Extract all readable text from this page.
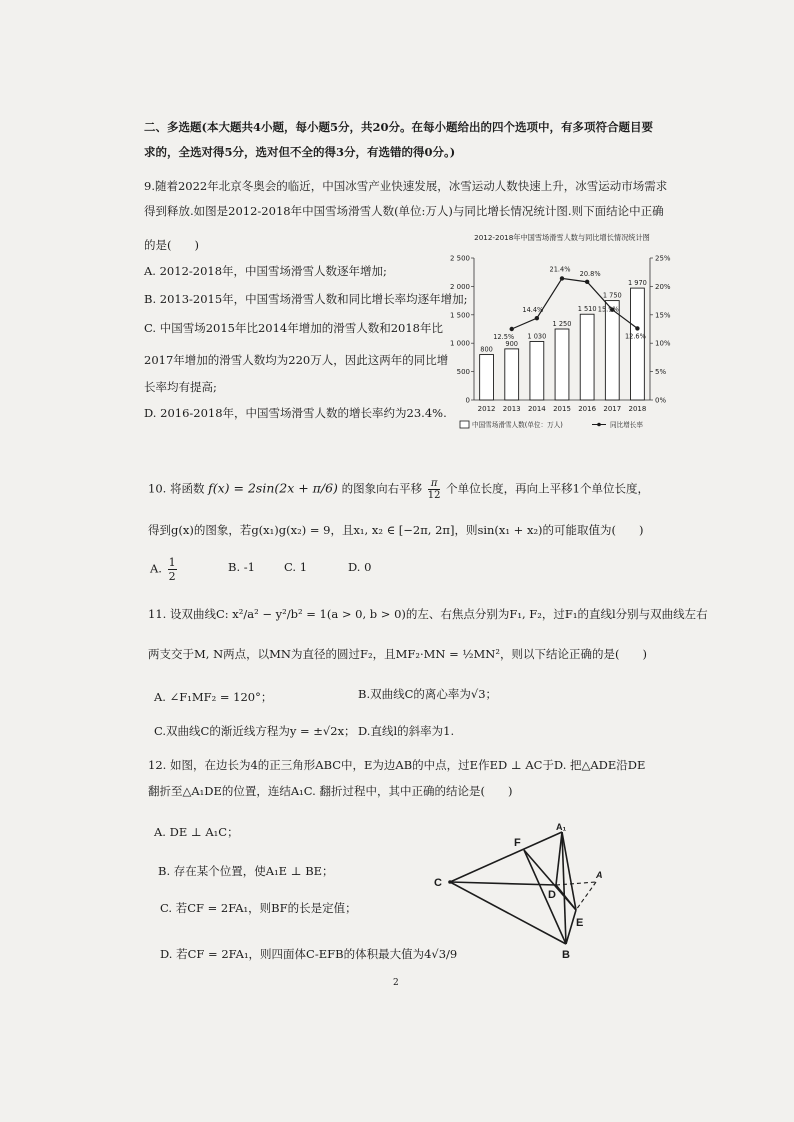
二、多选题(本大题共4小题，每小题5分，共20分。在每小题给出的四个选项中，有多项符合题目要
求的，全选对得5分，选对但不全的得3分，有选错的得0分。)
9.随着2022年北京冬奥会的临近，中国冰雪产业快速发展，冰雪运动人数快速上升，冰雪运动市场需求
得到释放.如图是2012-2018年中国雪场滑雪人数(单位:万人)与同比增长情况统计图.则下面结论中正确
的是(　　)
A. 2012-2018年，中国雪场滑雪人数逐年增加;
B. 2013-2015年，中国雪场滑雪人数和同比增长率均逐年增加;
C. 中国雪场2015年比2014年增加的滑雪人数和2018年比
2017年增加的滑雪人数均为220万人，因此这两年的同比增
长率均有提高;
D. 2016-2018年，中国雪场滑雪人数的增长率约为23.4%.
2012-2018年中国雪场滑雪人数与同比增长情况统计图
0
500
1 000
1 500
2 000
2 500
0%
5%
10%
15%
20%
25%
800
900
1 030
1 250
1 510
1 750
1 970
2012 2013 2014 2015 2016 2017 2018
12.5%
14.4%
21.4%
20.8%
15.9%
12.6%
中国雪场滑雪人数(单位：万人)	同比增长率
10. 将函数 f(x) = 2sin(2x + π/6) 的图象向右平移 $\frac{\pi}{12}$ 个单位长度，再向上平移1个单位长度，
得到g(x)的图象，若g(x₁)g(x₂) = 9，且x₁, x₂ ∈ [−2π, 2π]，则sin(x₁ + x₂)的可能取值为(　　)
A. $\frac{1}{2}$	B. -1	C. 1	D. 0
11. 设双曲线C: x²/a² − y²/b² = 1(a > 0, b > 0)的左、右焦点分别为F₁, F₂，过F₁的直线l分别与双曲线左右
两支交于M, N两点，以MN为直径的圆过F₂，且MF₂·MN = ½MN²，则以下结论正确的是(　　)
A. ∠F₁MF₂ = 120°；	B.双曲线C的离心率为√3；
C.双曲线C的渐近线方程为y = ±√2x； D.直线l的斜率为1.
12. 如图，在边长为4的正三角形ABC中，E为边AB的中点，过E作ED ⊥ AC于D. 把△ADE沿DE
翻折至△A₁DE的位置，连结A₁C. 翻折过程中，其中正确的结论是(　　)
A. DE ⊥ A₁C；
B. 存在某个位置，使A₁E ⊥ BE；
C. 若CF = 2FA₁，则BF的长是定值；
D. 若CF = 2FA₁，则四面体C-EFB的体积最大值为4√3/9
C
F
A₁
D
A
E
B
2
